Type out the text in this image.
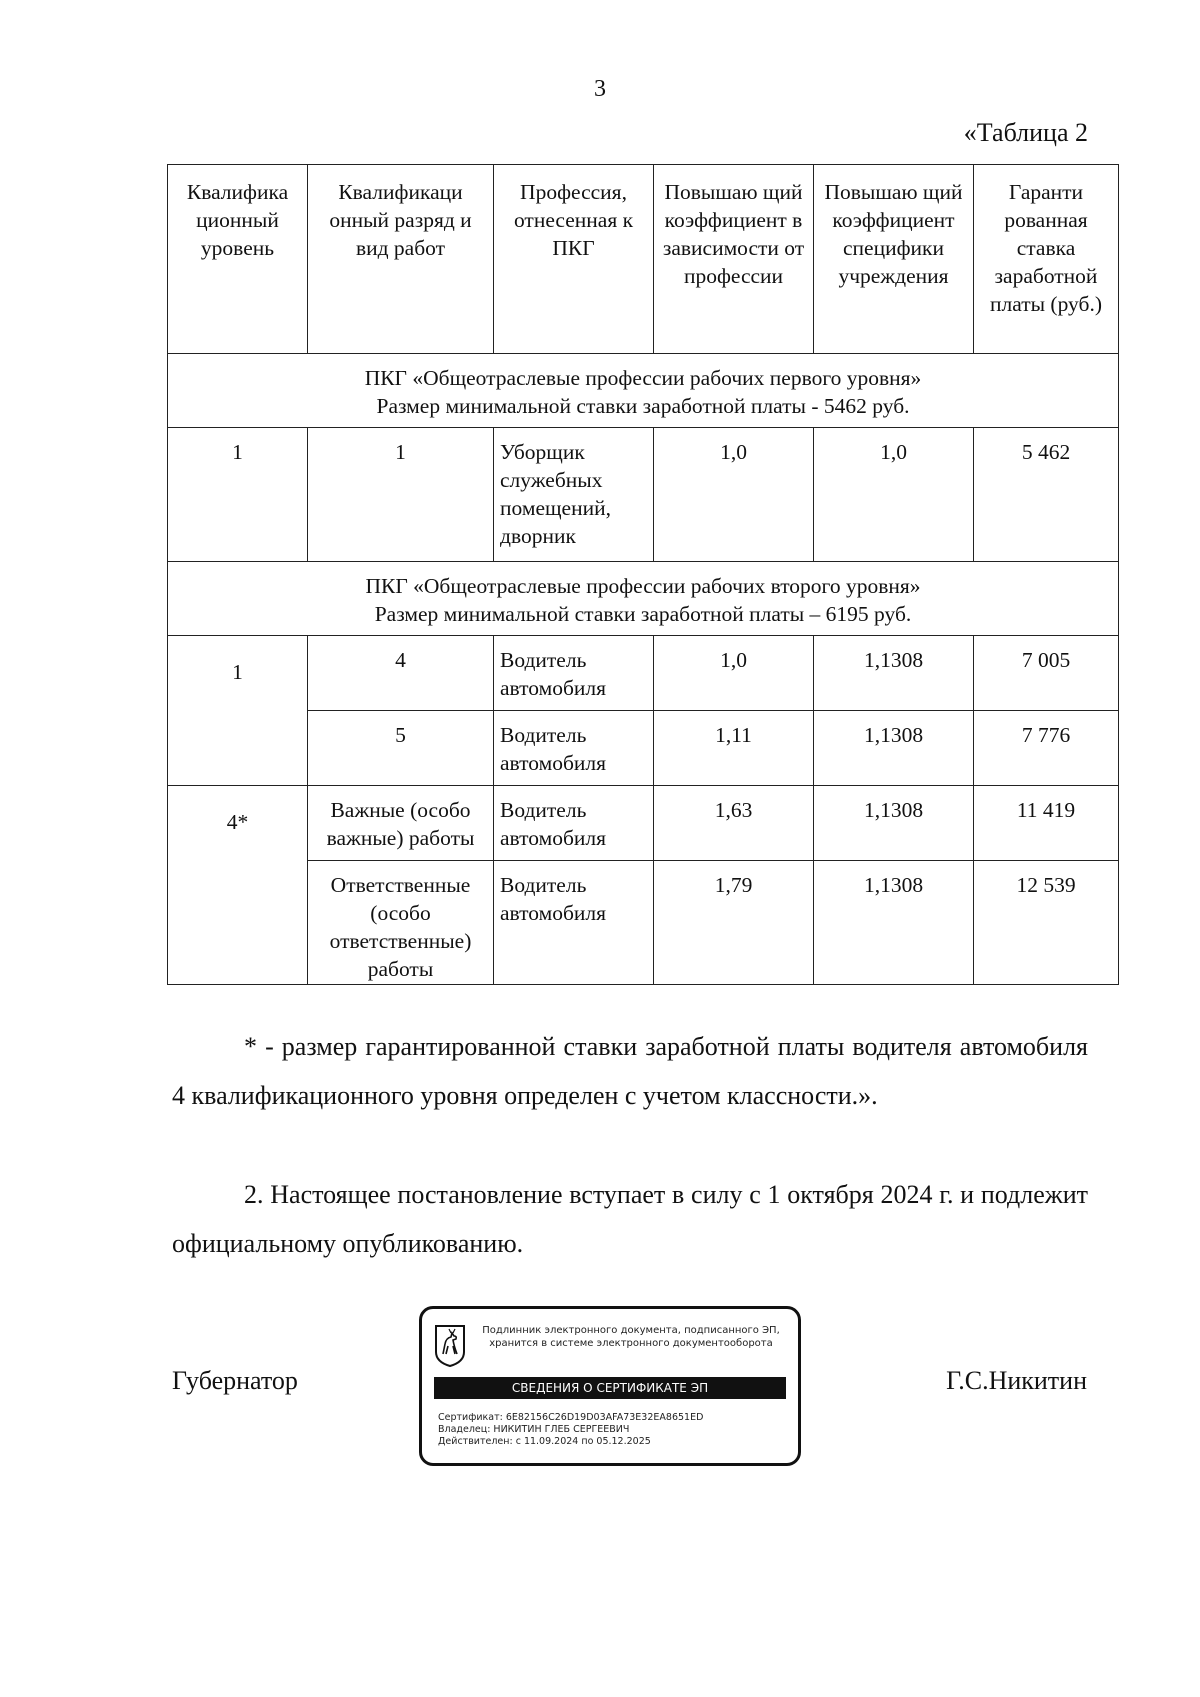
3
«Таблица 2
Квалифика ционный уровень	Квалификаци онный разряд и вид работ	Профессия, отнесенная к ПКГ	Повышаю щий коэффициент в зависимости от профессии	Повышаю щий коэффициент специфики учреждения	Гаранти рованная ставка заработной платы (руб.)

ПКГ «Общеотраслевые профессии рабочих первого уровня»
Размер минимальной ставки заработной платы - 5462 руб.					

1	1	Уборщик служебных помещений, дворник	1,0	1,0	5 462

ПКГ «Общеотраслевые профессии рабочих второго уровня»
Размер минимальной ставки заработной платы – 6195 руб.					

1	4	Водитель автомобиля	1,0	1,1308	7 005
	5	Водитель автомобиля	1,11	1,1308	7 776
4*	Важные (особо важные) работы	Водитель автомобиля	1,63	1,1308	11 419
	Ответственные (особо ответственные) работы	Водитель автомобиля	1,79	1,1308	12 539

* - размер гарантированной ставки заработной платы водителя автомобиля 4 квалификационного уровня определен с учетом классности.».

2. Настоящее постановление вступает в силу с 1 октября 2024 г. и подлежит официальному опубликованию.

Губернатор	Г.С.Никитин
Подлинник электронного документа, подписанного ЭП,
хранится в системе электронного документооборота
СВЕДЕНИЯ О СЕРТИФИКАТЕ ЭП
Сертификат: 6E82156C26D19D03AFA73E32EA8651ED
Владелец: НИКИТИН ГЛЕБ СЕРГЕЕВИЧ
Действителен: с 11.09.2024 по 05.12.2025
